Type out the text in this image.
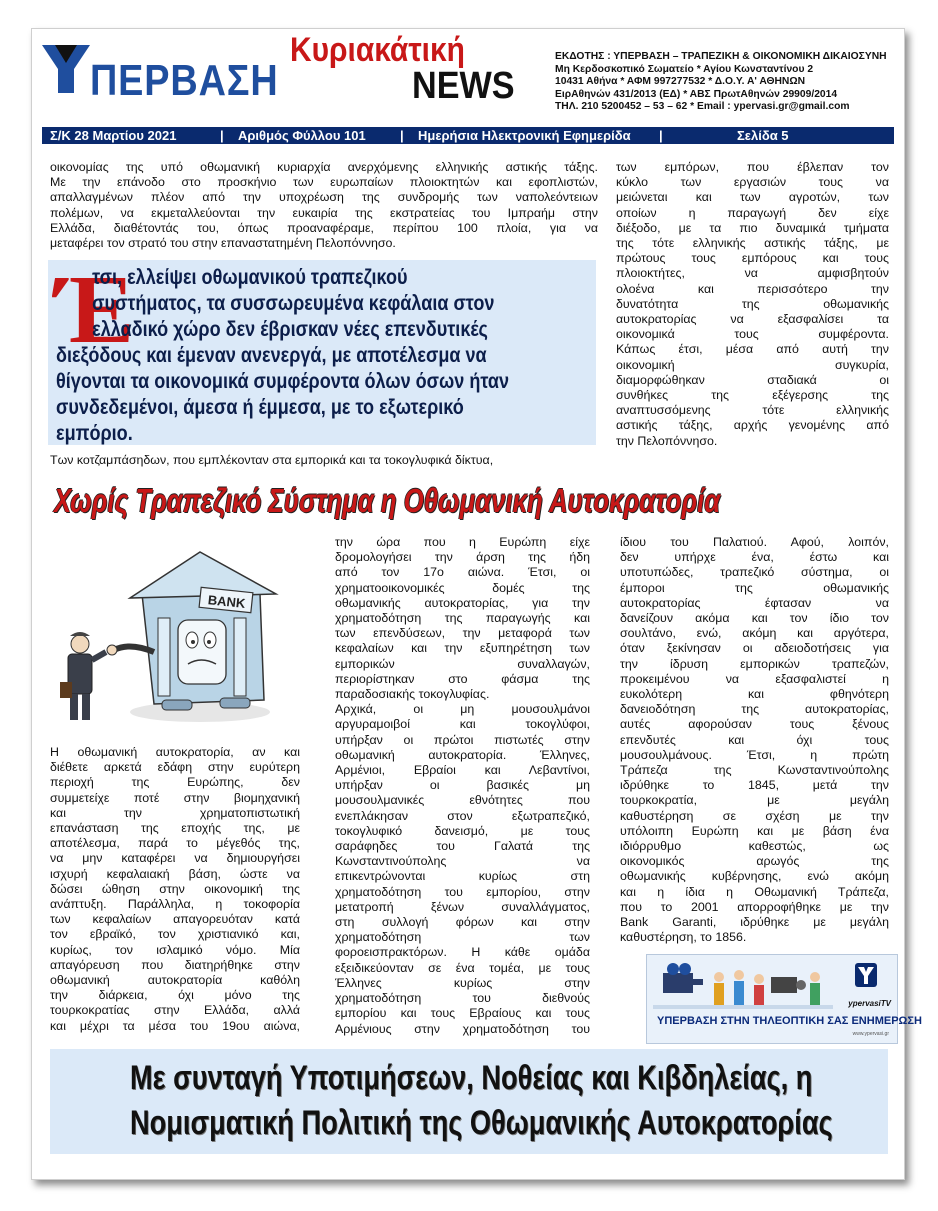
Κυριακάτική
ΠΕΡΒΑΣΗ	NEWS
ΕΚΔΟΤΗΣ : ΥΠΕΡΒΑΣΗ – ΤΡΑΠΕΖΙΚΗ & ΟΙΚΟΝΟΜΙΚΗ ΔΙΚΑΙΟΣΥΝΗ
Μη Κερδοσκοπικό Σωματείο * Αγίου Κωνσταντίνου 2
10431 Αθήνα * ΑΦΜ 997277532 * Δ.Ο.Υ. Α' ΑΘΗΝΩΝ
ΕιρΑθηνών 431/2013 (ΕΔ) * ΑΒΣ ΠρωτΑθηνών 29909/2014
ΤΗΛ. 210 5200452 – 53 – 62 * Email : ypervasi.gr@gmail.com
Σ/Κ 28 Μαρτίου 2021	| Αριθμός Φύλλου 101	| Ημερήσια Ηλεκτρονική Εφημερίδα |	Σελίδα 5
οικονομίας της υπό οθωμανική κυριαρχία ανερχόμενης ελληνικής αστικής τάξης.
Με την επάνοδο στο προσκήνιο των ευρωπαίων πλοιοκτητών και εφοπλιστών,
απαλλαγμένων πλέον από την υποχρέωση της συνδρομής των ναπολεόντειων
πολέμων, να εκμεταλλεύονται την ευκαιρία της εκστρατείας του Ιμπραήμ στην
Ελλάδα, διαθέτοντάς του, όπως προαναφέραμε, περίπου 100 πλοία, για να
μεταφέρει τον στρατό του στην επαναστατημένη Πελοπόννησο.
Έ
τσι, ελλείψει οθωμανικού τραπεζικού
συστήματος, τα συσσωρευμένα κεφάλαια στον
ελλαδικό χώρο δεν έβρισκαν νέες επενδυτικές
διεξόδους και έμεναν ανενεργά, με αποτέλεσμα να
θίγονται τα οικονομικά συμφέροντα όλων όσων ήταν
συνδεδεμένοι, άμεσα ή έμμεσα, με το εξωτερικό
εμπόριο.
Των κοτζαμπάσηδων, που εμπλέκονταν στα εμπορικά και τα τοκογλυφικά δίκτυα,
των εμπόρων, που έβλεπαν τον
κύκλο των εργασιών τους να
μειώνεται και των αγροτών, των
οποίων η παραγωγή δεν είχε
διέξοδο, με τα πιο δυναμικά τμήματα
της τότε ελληνικής αστικής τάξης, με
πρώτους τους εμπόρους και τους
πλοιοκτήτες, να αμφισβητούν
ολοένα και περισσότερο την
δυνατότητα της οθωμανικής
αυτοκρατορίας να εξασφαλίσει τα
οικονομικά τους συμφέροντα.
Κάπως έτσι, μέσα από αυτή την
οικονομική συγκυρία,
διαμορφώθηκαν σταδιακά οι
συνθήκες της εξέγερσης της
αναπτυσσόμενης τότε ελληνικής
αστικής τάξης, αρχής γενομένης από
την Πελοπόννησο.
Χωρίς Τραπεζικό Σύστημα η Οθωμανική Αυτοκρατορία
BANK
Η οθωμανική αυτοκρατορία, αν και
διέθετε αρκετά εδάφη στην ευρύτερη
περιοχή της Ευρώπης, δεν
συμμετείχε ποτέ στην βιομηχανική
και την χρηματοπιστωτική
επανάσταση της εποχής της, με
αποτέλεσμα, παρά το μέγεθός της,
να μην καταφέρει να δημιουργήσει
ισχυρή κεφαλαιακή βάση, ώστε να
δώσει ώθηση στην οικονομική της
ανάπτυξη. Παράλληλα, η τοκοφορία
των κεφαλαίων απαγορευόταν κατά
τον εβραϊκό, τον χριστιανικό και,
κυρίως, τον ισλαμικό νόμο. Μία
απαγόρευση που διατηρήθηκε στην
οθωμανική αυτοκρατορία καθόλη
την διάρκεια, όχι μόνο της
τουρκοκρατίας στην Ελλάδα, αλλά
και μέχρι τα μέσα του 19ου αιώνα,
την ώρα που η Ευρώπη είχε
δρομολογήσει την άρση της ήδη
από τον 17ο αιώνα. Έτσι, οι
χρηματοοικονομικές δομές της
οθωμανικής αυτοκρατορίας, για την
χρηματοδότηση της παραγωγής και
των επενδύσεων, την μεταφορά των
κεφαλαίων και την εξυπηρέτηση των
εμπορικών συναλλαγών,
περιορίστηκαν στο φάσμα της
παραδοσιακής τοκογλυφίας.
Αρχικά, οι μη μουσουλμάνοι
αργυραμοιβοί και τοκογλύφοι,
υπήρξαν οι πρώτοι πιστωτές στην
οθωμανική αυτοκρατορία. Έλληνες,
Αρμένιοι, Εβραίοι και Λεβαντίνοι,
υπήρξαν οι βασικές μη
μουσουλμανικές εθνότητες που
ενεπλάκησαν στον εξωτραπεζικό,
τοκογλυφικό δανεισμό, με τους
σαράφηδες του Γαλατά της
Κωνσταντινούπολης να
επικεντρώνονται κυρίως στη
χρηματοδότηση του εμπορίου, στην
μετατροπή ξένων συναλλάγματος,
στη συλλογή φόρων και στην
χρηματοδότηση των
φοροεισπρακτόρων. Η κάθε ομάδα
εξειδικεύονταν σε ένα τομέα, με τους
Έλληνες κυρίως στην
χρηματοδότηση του διεθνούς
εμπορίου και τους Εβραίους και τους
Αρμένιους στην χρηματοδότηση του
ίδιου του Παλατιού. Αφού, λοιπόν,
δεν υπήρχε ένα, έστω και
υποτυπώδες, τραπεζικό σύστημα, οι
έμποροι της οθωμανικής
αυτοκρατορίας έφτασαν να
δανείζουν ακόμα και τον ίδιο τον
σουλτάνο, ενώ, ακόμη και αργότερα,
όταν ξεκίνησαν οι αδειοδοτήσεις για
την ίδρυση εμπορικών τραπεζών,
προκειμένου να εξασφαλιστεί η
ευκολότερη και φθηνότερη
δανειοδότηση της αυτοκρατορίας,
αυτές αφορούσαν τους ξένους
επενδυτές και όχι τους
μουσουλμάνους. Έτσι, η πρώτη
Τράπεζα της Κωνσταντινούπολης
ιδρύθηκε το 1845, μετά την
τουρκοκρατία, με μεγάλη
καθυστέρηση σε σχέση με την
υπόλοιπη Ευρώπη και με βάση ένα
ιδιόρρυθμο καθεστώς, ως
οικονομικός αρωγός της
οθωμανικής κυβέρνησης, ενώ ακόμη
και η ίδια η Οθωμανική Τράπεζα,
που το 2001 απορροφήθηκε με την
Bank Garanti, ιδρύθηκε με μεγάλη
καθυστέρηση, το 1856.
ypervasiTV
ΥΠΕΡΒΑΣΗ ΣΤΗΝ ΤΗΛΕΟΠΤΙΚΗ ΣΑΣ ΕΝΗΜΕΡΩΣΗ
www.ypervasi.gr
Με συνταγή Υποτιμήσεων, Νοθείας και Κιβδηλείας, η
Νομισματική Πολιτική της Οθωμανικής Αυτοκρατορίας
